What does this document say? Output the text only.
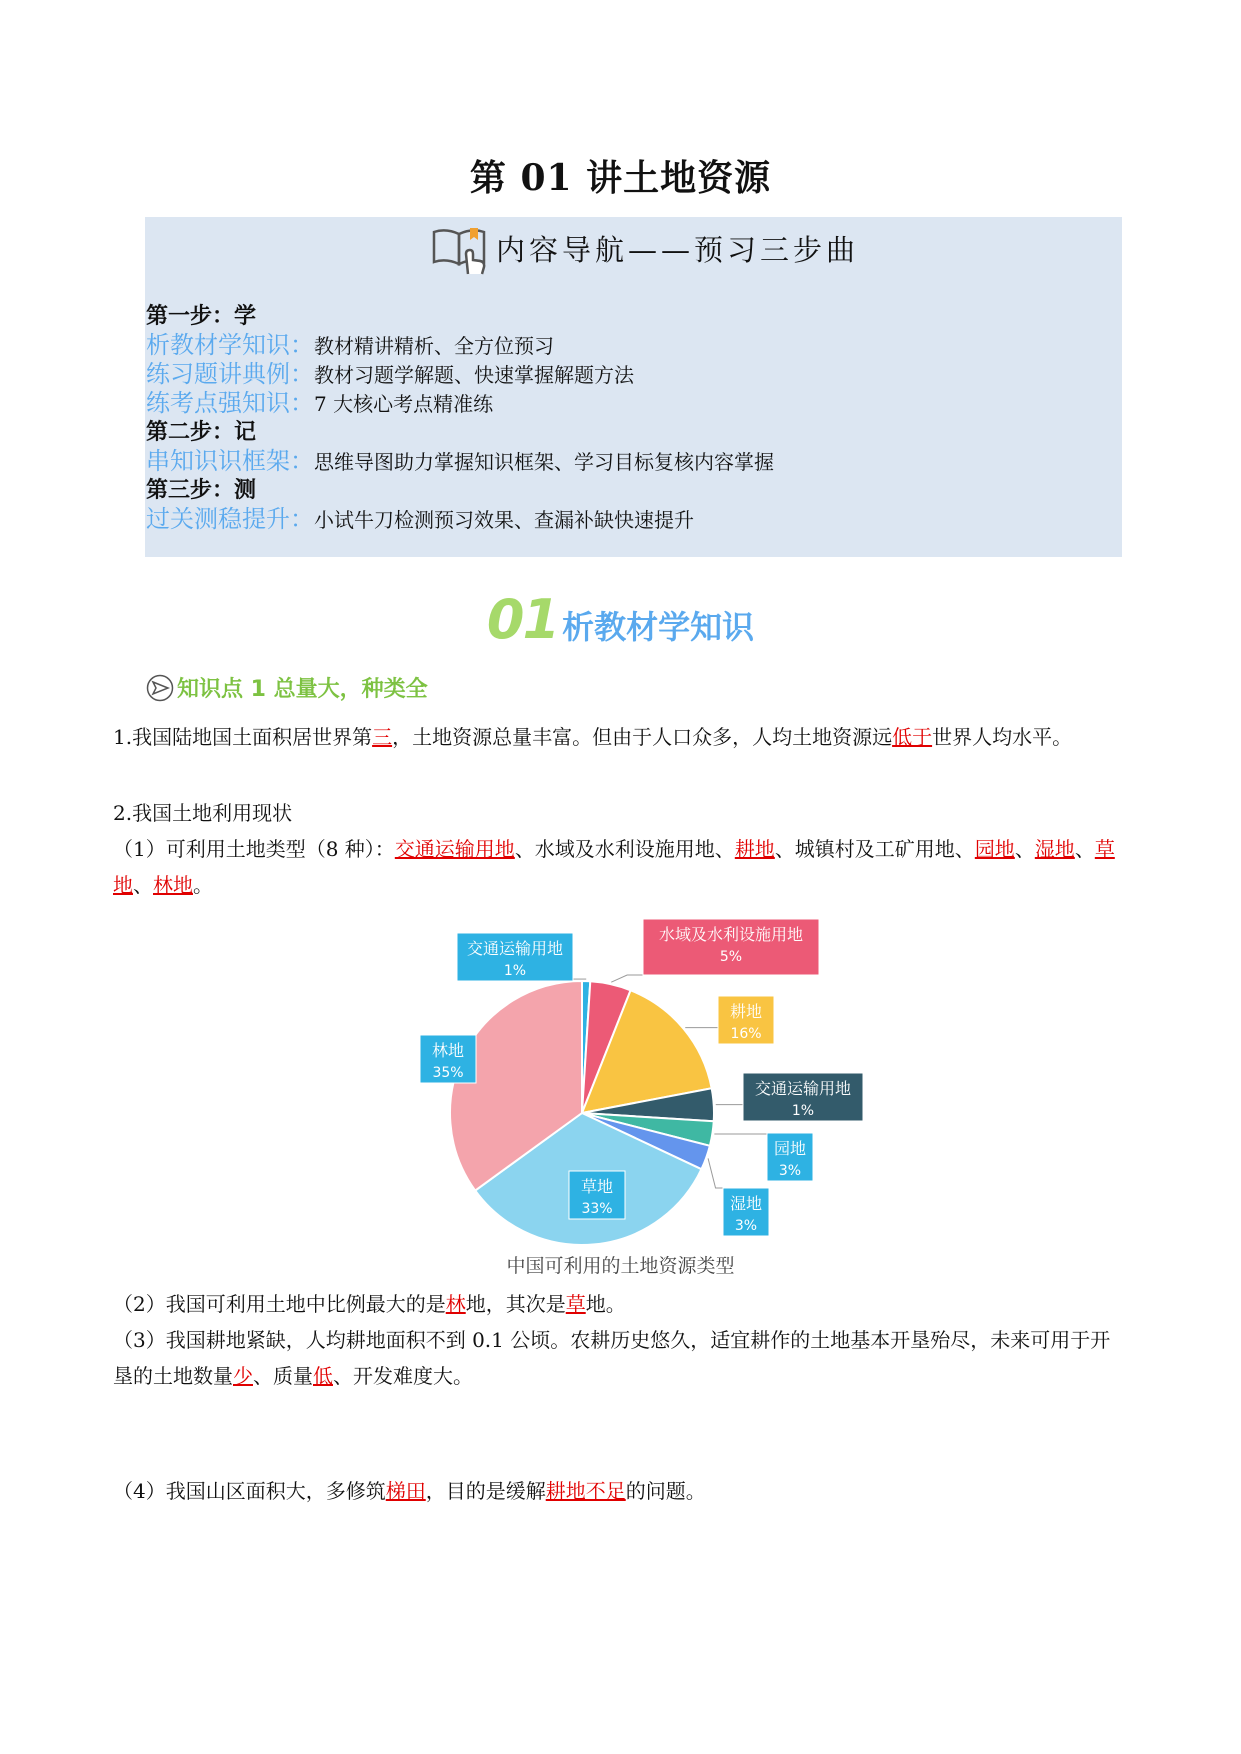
第 01 讲土地资源
内容导航——预习三步曲
第一步：学
析教材学知识：教材精讲精析、全方位预习
练习题讲典例：教材习题学解题、快速掌握解题方法
练考点强知识：7 大核心考点精准练
第二步：记
串知识识框架：思维导图助力掌握知识框架、学习目标复核内容掌握
第三步：测
过关测稳提升：小试牛刀检测预习效果、查漏补缺快速提升
01 析教材学知识
知识点 1 总量大，种类全
1.我国陆地国土面积居世界第三，土地资源总量丰富。但由于人口众多，人均土地资源远低于世界人均水平。
2.我国土地利用现状
（1）可利用土地类型（8 种）：交通运输用地、水域及水利设施用地、耕地、城镇村及工矿用地、园地、湿地、草地、林地。
交通运输用地
1%
水域及水利设施用地
5%
耕地
16%
交通运输用地
1%
园地
3%
湿地
3%
草地
33%
林地
35%
中国可利用的土地资源类型
（2）我国可利用土地中比例最大的是林地，其次是草地。
（3）我国耕地紧缺，人均耕地面积不到 0.1 公顷。农耕历史悠久，适宜耕作的土地基本开垦殆尽，未来可用于开垦的土地数量少、质量低、开发难度大。
（4）我国山区面积大，多修筑梯田，目的是缓解耕地不足的问题。
